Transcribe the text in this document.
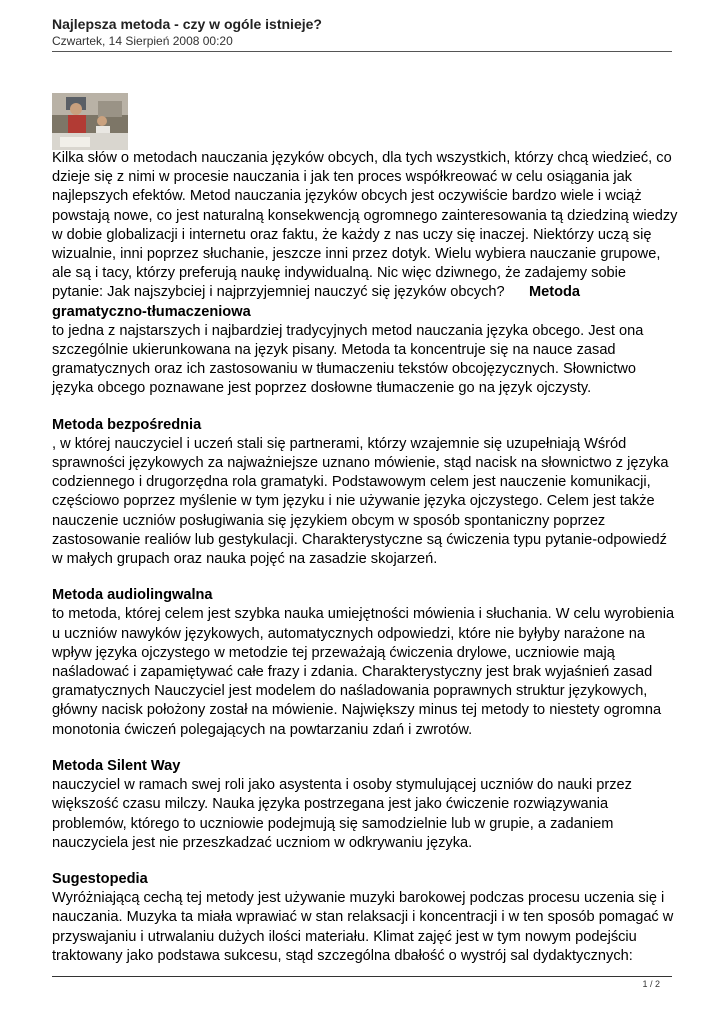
Najlepsza metoda - czy w ogóle istnieje?
Czwartek, 14 Sierpień 2008 00:20

Kilka słów o metodach nauczania języków obcych, dla tych wszystkich, którzy chcą wiedzieć, co dzieje się z nimi w procesie nauczania i jak ten proces współkreować w celu osiągania jak najlepszych efektów. Metod nauczania języków obcych jest oczywiście bardzo wiele i wciąż powstają nowe, co jest naturalną konsekwencją ogromnego zainteresowania tą dziedziną wiedzy w dobie globalizacji i internetu oraz faktu, że każdy z nas uczy się inaczej. Niektórzy uczą się wizualnie, inni poprzez słuchanie, jeszcze inni przez dotyk. Wielu wybiera nauczanie grupowe, ale są i tacy, którzy preferują naukę indywidualną. Nic więc dziwnego, że zadajemy sobie pytanie: Jak najszybciej i najprzyjemniej nauczyć się języków obcych? Metoda gramatyczno-tłumaczeniowa
to jedna z najstarszych i najbardziej tradycyjnych metod nauczania języka obcego. Jest ona szczególnie ukierunkowana na język pisany. Metoda ta koncentruje się na nauce zasad gramatycznych oraz ich zastosowaniu w tłumaczeniu tekstów obcojęzycznych. Słownictwo języka obcego poznawane jest poprzez dosłowne tłumaczenie go na język ojczysty.

Metoda bezpośrednia

, w której nauczyciel i uczeń stali się partnerami, którzy wzajemnie się uzupełniają Wśród sprawności językowych za najważniejsze uznano mówienie, stąd nacisk na słownictwo z języka codziennego i drugorzędna rola gramatyki. Podstawowym celem jest nauczenie komunikacji, częściowo poprzez myślenie w tym języku i nie używanie języka ojczystego. Celem jest także nauczenie uczniów posługiwania się językiem obcym w sposób spontaniczny poprzez zastosowanie realiów lub gestykulacji. Charakterystyczne są ćwiczenia typu pytanie-odpowiedź w małych grupach oraz nauka pojęć na zasadzie skojarzeń.

Metoda audiolingwalna

to metoda, której celem jest szybka nauka umiejętności mówienia i słuchania. W celu wyrobienia u uczniów nawyków językowych, automatycznych odpowiedzi, które nie byłyby narażone na wpływ języka ojczystego w metodzie tej przeważają ćwiczenia drylowe, uczniowie mają naśladować i zapamiętywać całe frazy i zdania. Charakterystyczny jest brak wyjaśnień zasad gramatycznych Nauczyciel jest modelem do naśladowania poprawnych struktur językowych, główny nacisk położony został na mówienie. Największy minus tej metody to niestety ogromna monotonia ćwiczeń polegających na powtarzaniu zdań i zwrotów.

Metoda Silent Way

nauczyciel w ramach swej roli jako asystenta i osoby stymulującej uczniów do nauki przez większość czasu milczy. Nauka języka postrzegana jest jako ćwiczenie rozwiązywania problemów, którego to uczniowie podejmują się samodzielnie lub w grupie, a zadaniem nauczyciela jest nie przeszkadzać uczniom w odkrywaniu języka.

Sugestopedia

Wyróżniającą cechą tej metody jest używanie muzyki barokowej podczas procesu uczenia się i nauczania. Muzyka ta miała wprawiać w stan relaksacji i koncentracji i w ten sposób pomagać w przyswajaniu i utrwalaniu dużych ilości materiału. Klimat zajęć jest w tym nowym podejściu traktowany jako podstawa sukcesu, stąd szczególna dbałość o wystrój sal dydaktycznych:

1 / 2
